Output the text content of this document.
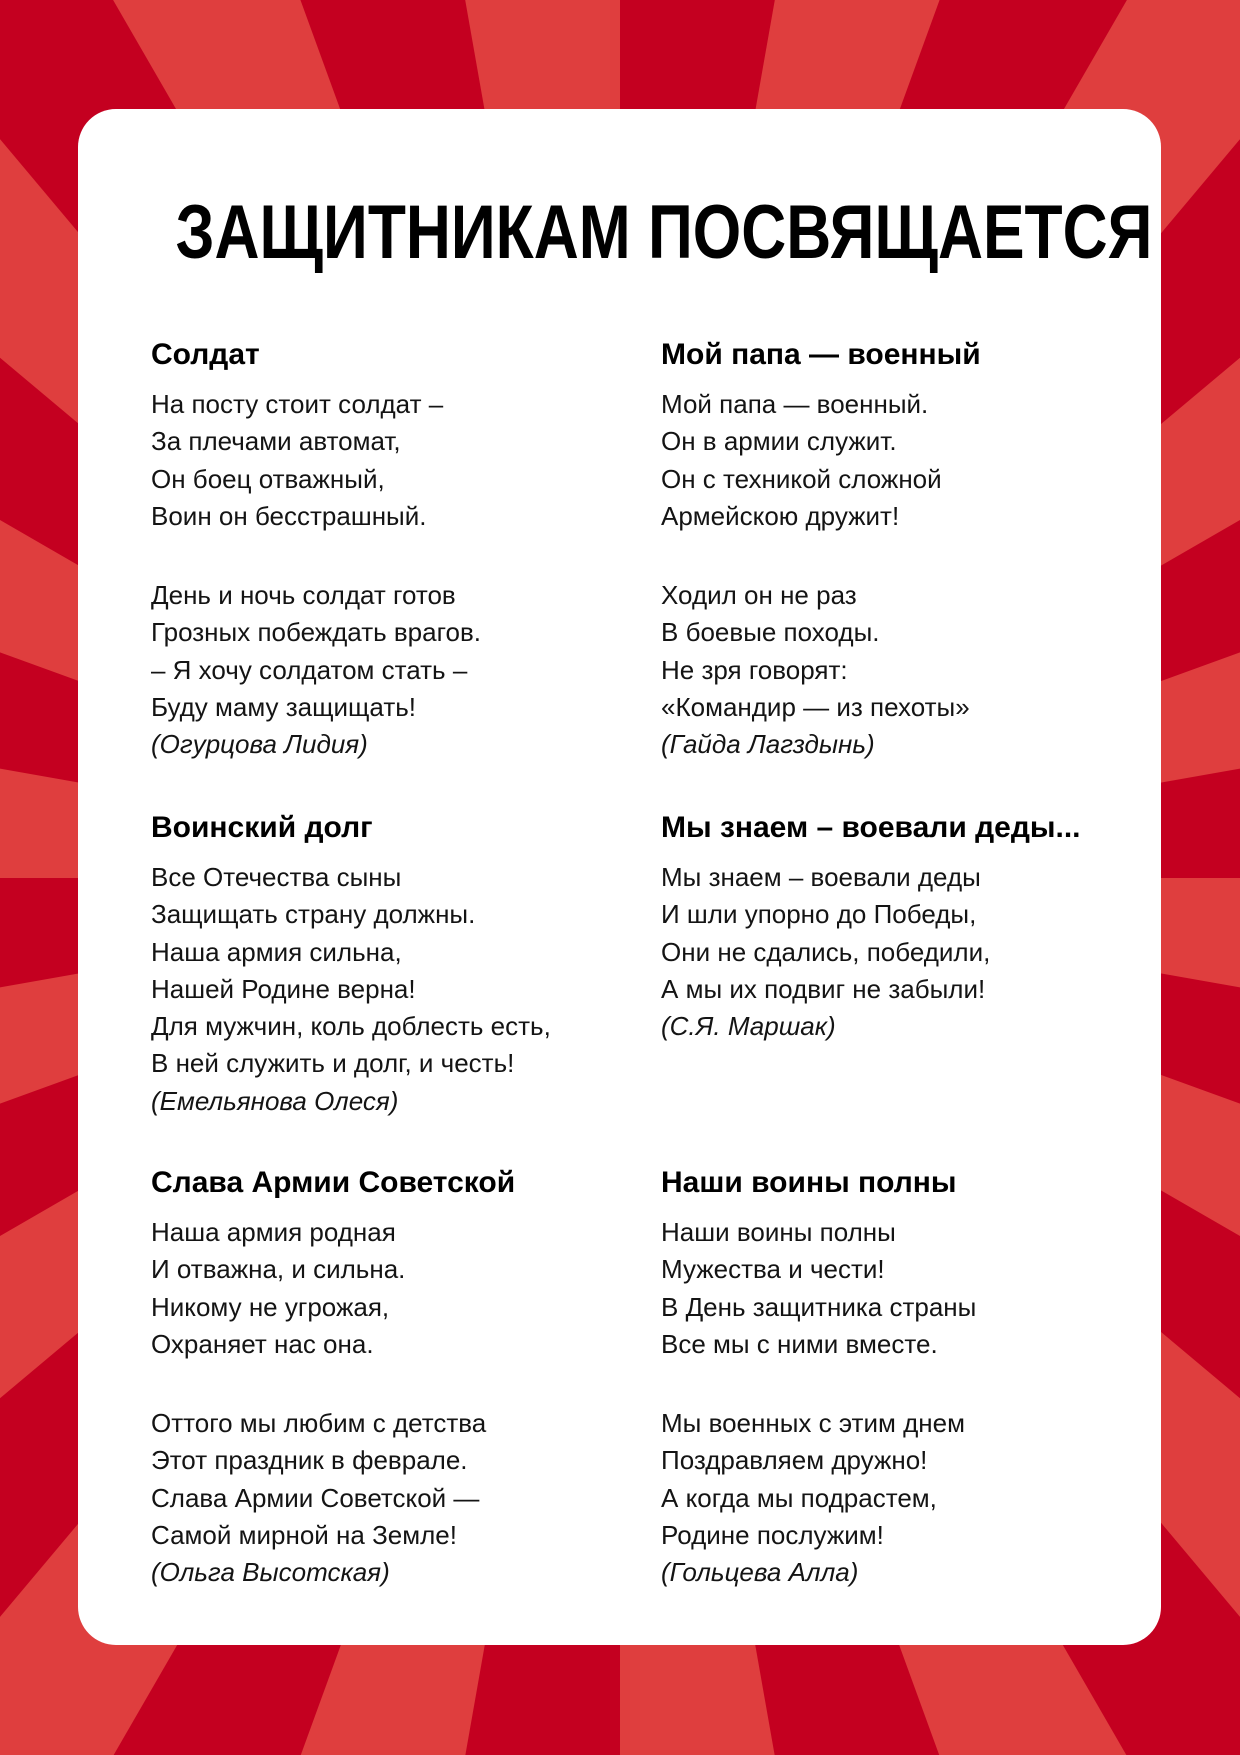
ЗАЩИТНИКАМ ПОСВЯЩАЕТСЯ
Солдат
На посту стоит солдат –
За плечами автомат,
Он боец отважный,
Воин он бесстрашный.
День и ночь солдат готов
Грозных побеждать врагов.
– Я хочу солдатом стать –
Буду маму защищать!
(Огурцова Лидия)
Мой папа — военный
Мой папа — военный.
Он в армии служит.
Он с техникой сложной
Армейскою дружит!
Ходил он не раз
В боевые походы.
Не зря говорят:
«Командир — из пехоты»
(Гайда Лагздынь)
Воинский долг
Все Отечества сыны
Защищать страну должны.
Наша армия сильна,
Нашей Родине верна!
Для мужчин, коль доблесть есть,
В ней служить и долг, и честь!
(Емельянова Олеся)
Мы знаем – воевали деды...
Мы знаем – воевали деды
И шли упорно до Победы,
Они не сдались, победили,
А мы их подвиг не забыли!
(С.Я. Маршак)
Слава Армии Советской
Наша армия родная
И отважна, и сильна.
Никому не угрожая,
Охраняет нас она.
Оттого мы любим с детства
Этот праздник в феврале.
Слава Армии Советской —
Самой мирной на Земле!
(Ольга Высотская)
Наши воины полны
Наши воины полны
Мужества и чести!
В День защитника страны
Все мы с ними вместе.
Мы военных с этим днем
Поздравляем дружно!
А когда мы подрастем,
Родине послужим!
(Гольцева Алла)
